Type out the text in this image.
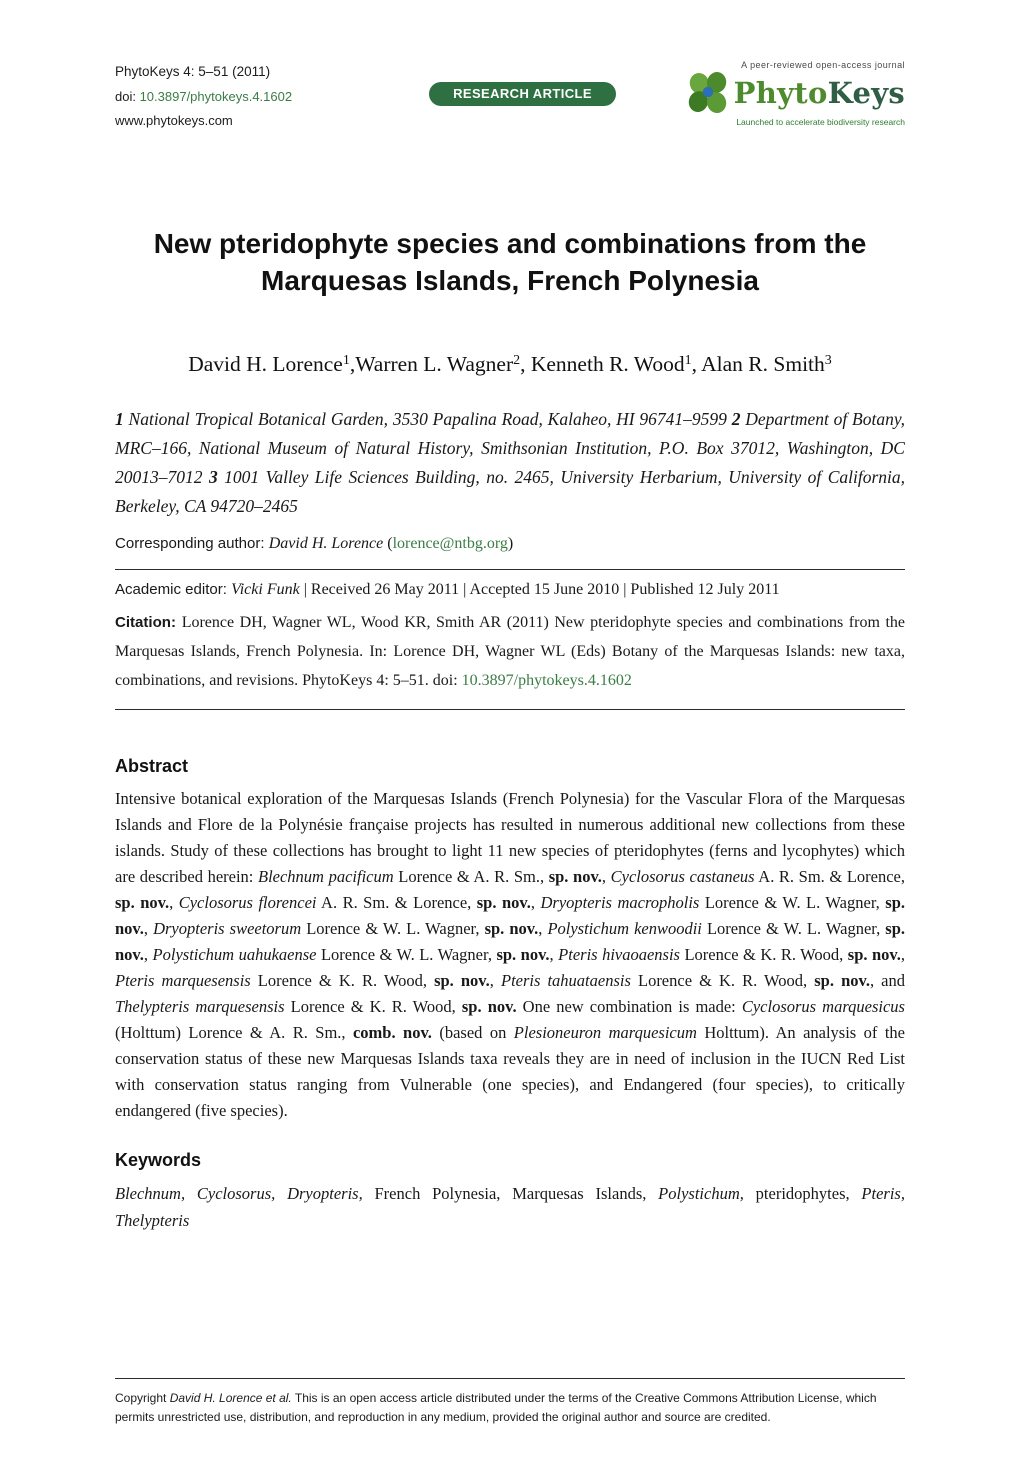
PhytoKeys 4: 5–51 (2011)
doi: 10.3897/phytokeys.4.1602
www.phytokeys.com
RESEARCH ARTICLE
A peer-reviewed open-access journal
PhytoKeys
Launched to accelerate biodiversity research
New pteridophyte species and combinations from the Marquesas Islands, French Polynesia

David H. Lorence$^1$,Warren L. Wagner$^2$, Kenneth R. Wood$^1$, Alan R. Smith$^3$

1 National Tropical Botanical Garden, 3530 Papalina Road, Kalaheo, HI 96741–9599 2 Department of Botany, MRC–166, National Museum of Natural History, Smithsonian Institution, P.O. Box 37012, Washington, DC 20013–7012 3 1001 Valley Life Sciences Building, no. 2465, University Herbarium, University of California, Berkeley, CA 94720–2465

Corresponding author: David H. Lorence (lorence@ntbg.org)

Academic editor: Vicki Funk | Received 26 May 2011 | Accepted 15 June 2010 | Published 12 July 2011

Citation: Lorence DH, Wagner WL, Wood KR, Smith AR (2011) New pteridophyte species and combinations from the Marquesas Islands, French Polynesia. In: Lorence DH, Wagner WL (Eds) Botany of the Marquesas Islands: new taxa, combinations, and revisions. PhytoKeys 4: 5–51. doi: 10.3897/phytokeys.4.1602

Abstract

Intensive botanical exploration of the Marquesas Islands (French Polynesia) for the Vascular Flora of the Marquesas Islands and Flore de la Polynésie française projects has resulted in numerous additional new collections from these islands. Study of these collections has brought to light 11 new species of pteridophytes (ferns and lycophytes) which are described herein: Blechnum pacificum Lorence & A. R. Sm., sp. nov., Cyclosorus castaneus A. R. Sm. & Lorence, sp. nov., Cyclosorus florencei A. R. Sm. & Lorence, sp. nov., Dryopteris macropholis Lorence & W. L. Wagner, sp. nov., Dryopteris sweetorum Lorence & W. L. Wagner, sp. nov., Polystichum kenwoodii Lorence & W. L. Wagner, sp. nov., Polystichum uahukaense Lorence & W. L. Wagner, sp. nov., Pteris hivaoaensis Lorence & K. R. Wood, sp. nov., Pteris marquesensis Lorence & K. R. Wood, sp. nov., Pteris tahuataensis Lorence & K. R. Wood, sp. nov., and Thelypteris marquesensis Lorence & K. R. Wood, sp. nov. One new combination is made: Cyclosorus marquesicus (Holttum) Lorence & A. R. Sm., comb. nov. (based on Plesioneuron marquesicum Holttum). An analysis of the conservation status of these new Marquesas Islands taxa reveals they are in need of inclusion in the IUCN Red List with conservation status ranging from Vulnerable (one species), and Endangered (four species), to critically endangered (five species).

Keywords

Blechnum, Cyclosorus, Dryopteris, French Polynesia, Marquesas Islands, Polystichum, pteridophytes, Pteris, Thelypteris

Copyright David H. Lorence et al. This is an open access article distributed under the terms of the Creative Commons Attribution License, which permits unrestricted use, distribution, and reproduction in any medium, provided the original author and source are credited.
